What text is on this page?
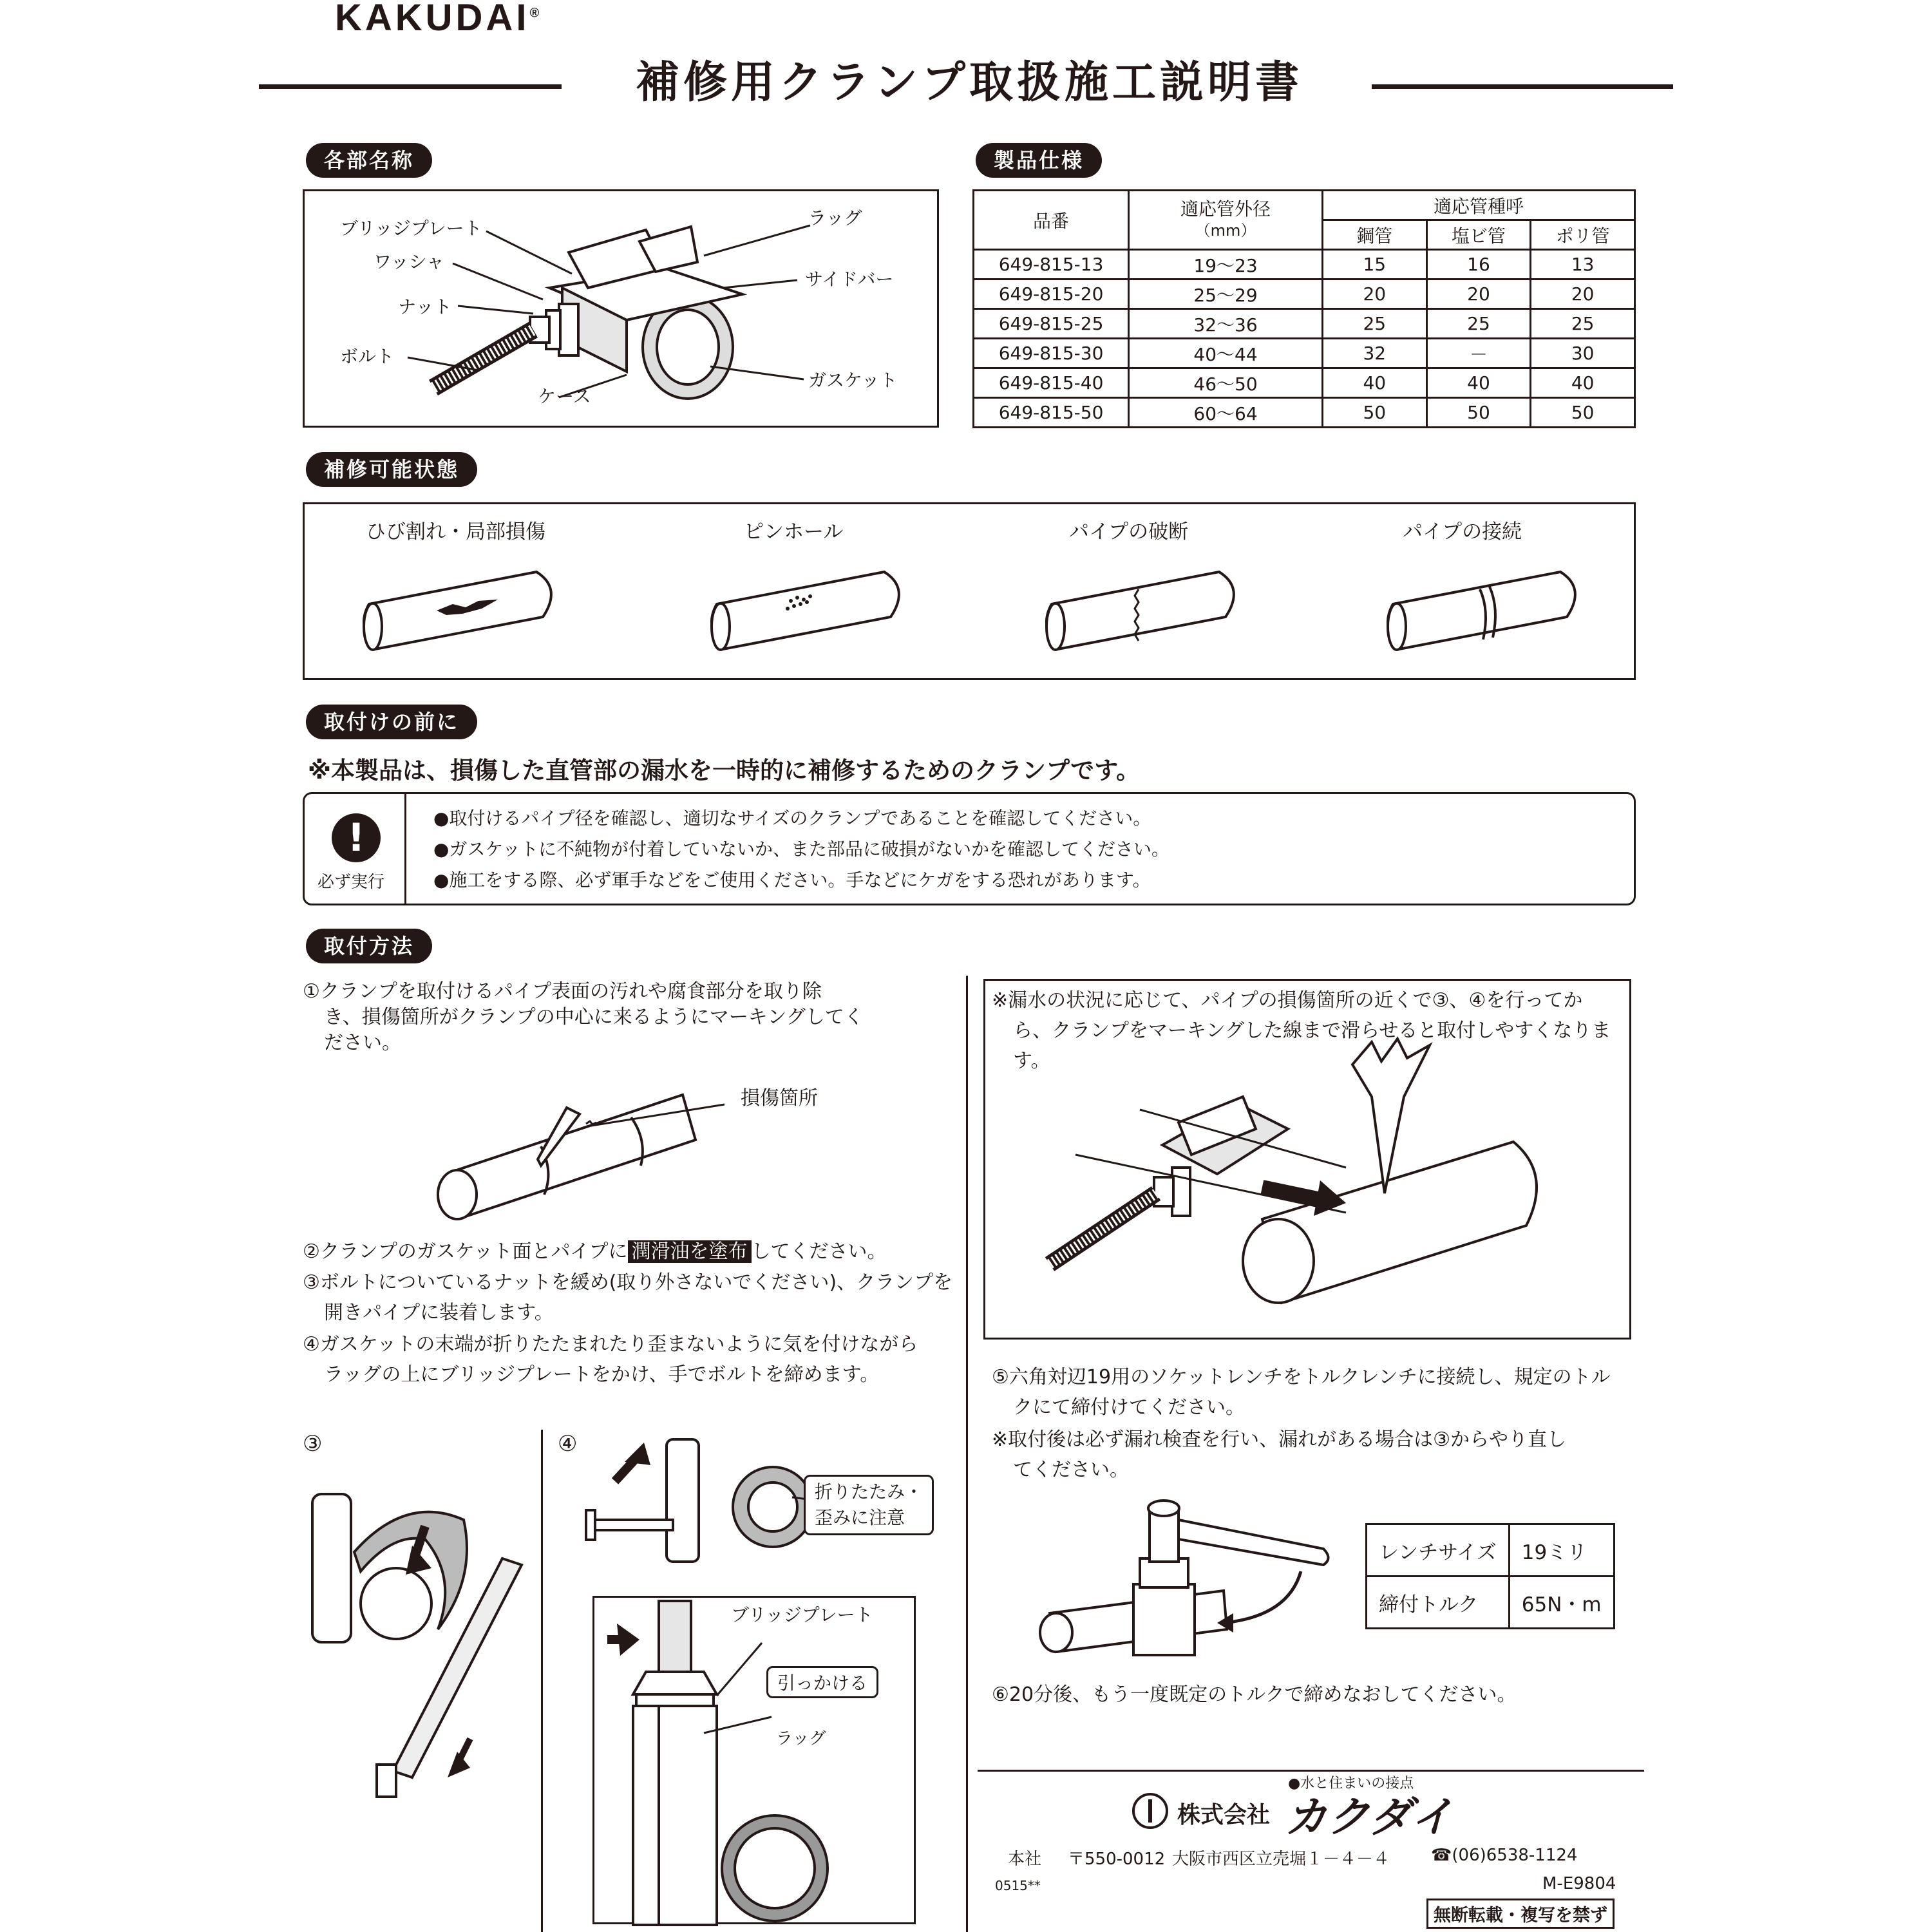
KAKUDAI®
補修用クランプ取扱施工説明書
各部名称
ブリッジプレート
ワッシャ
ナット
ボルト
ケース
ラッグ
サイドバー
ガスケット
製品仕様
品番	適応管外径
（mm）	適応管種呼		
		鋼管	塩ビ管	ポリ管
649-815-13	19～23	15	16	13
649-815-20	25～29	20	20	20
649-815-25	32～36	25	25	25
649-815-30	40～44	32	－	30
649-815-40	46～50	40	40	40
649-815-50	60～64	50	50	50
補修可能状態
ひび割れ・局部損傷	ピンホール	パイプの破断	パイプの接続
取付けの前に
※本製品は、損傷した直管部の漏水を一時的に補修するためのクランプです。
!
必ず実行
●取付けるパイプ径を確認し、適切なサイズのクランプであることを確認してください。
●ガスケットに不純物が付着していないか、また部品に破損がないかを確認してください。
●施工をする際、必ず軍手などをご使用ください。手などにケガをする恐れがあります。
取付方法
①クランプを取付けるパイプ表面の汚れや腐食部分を取り除
き、損傷箇所がクランプの中心に来るようにマーキングしてく
ださい。
損傷箇所
②クランプのガスケット面とパイプに 潤滑油を塗布 してください。
③ボルトについているナットを緩め(取り外さないでください)、クランプを
開きパイプに装着します。
④ガスケットの末端が折りたたまれたり歪まないように気を付けながら
ラッグの上にブリッジプレートをかけ、手でボルトを締めます。
③	④
折りたたみ・
歪みに注意
ブリッジプレート
引っかける
ラッグ
※漏水の状況に応じて、パイプの損傷箇所の近くで③、④を行ってか
ら、クランプをマーキングした線まで滑らせると取付しやすくなりま
す。
⑤六角対辺19用のソケットレンチをトルクレンチに接続し、規定のトル
クにて締付けてください。
※取付後は必ず漏れ検査を行い、漏れがある場合は③からやり直し
てください。
レンチサイズ	19ミリ
締付トルク	65N・m
⑥20分後、もう一度既定のトルクで締めなおしてください。
●水と住まいの接点
株式会社 カクダイ
本社 〒550-0012 大阪市西区立売堀１－４－４ ☎(06)6538-1124
0515**	M-E9804
無断転載・複写を禁ず
